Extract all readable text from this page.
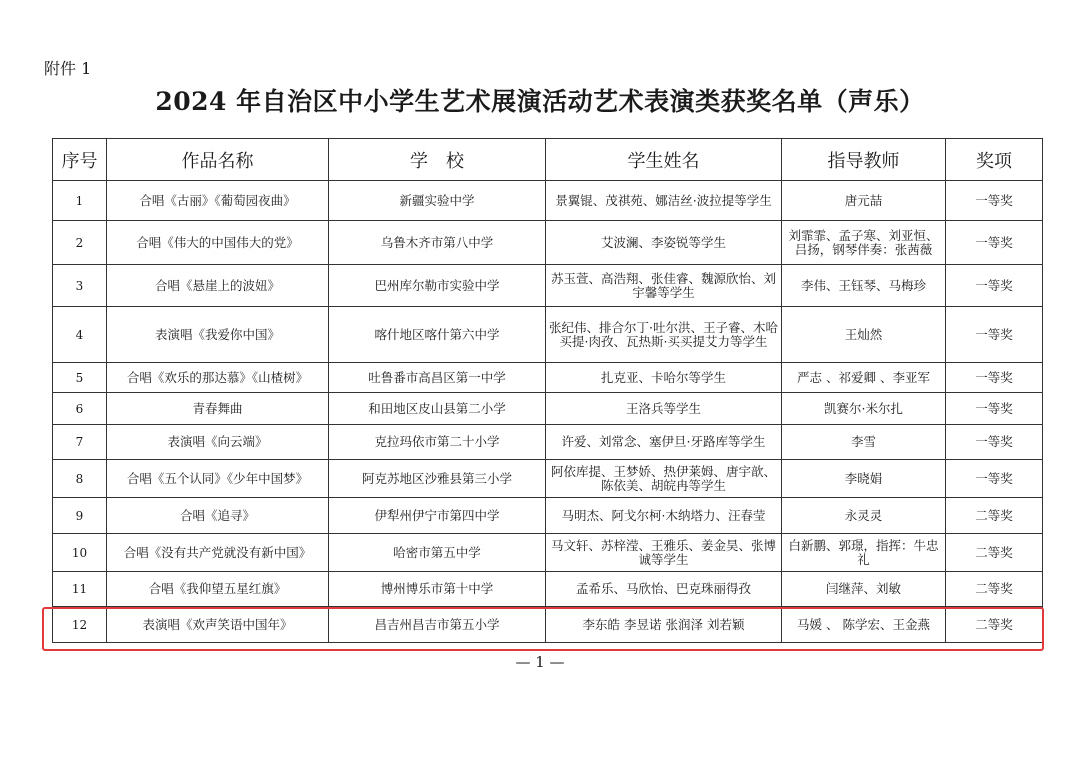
附件 1
2024 年自治区中小学生艺术展演活动艺术表演类获奖名单（声乐）
序号	作品名称	学　校	学生姓名	指导教师	奖项
1	合唱《古丽》《葡萄园夜曲》	新疆实验中学	景翼锟、茂祺苑、娜洁丝·波拉提等学生	唐元喆	一等奖
2	合唱《伟大的中国伟大的党》	乌鲁木齐市第八中学	艾波澜、李姿锐等学生	刘霏霏、孟子寒、刘亚恒、吕扬，钢琴伴奏：张茜薇	一等奖
3	合唱《悬崖上的波妞》	巴州库尔勒市实验中学	苏玉萱、高浩翔、张佳睿、魏源欣怡、刘宇馨等学生	李伟、王钰琴、马梅珍	一等奖
4	表演唱《我爱你中国》	喀什地区喀什第六中学	张纪伟、排合尔丁·吐尔洪、王子睿、木哈买提·肉孜、瓦热斯·买买提艾力等学生	王灿然	一等奖
5	合唱《欢乐的那达慕》《山楂树》	吐鲁番市高昌区第一中学	扎克亚、卡哈尔等学生	严志 、祁爱卿 、李亚军	一等奖
6	青春舞曲	和田地区皮山县第二小学	王洛兵等学生	凯赛尔·米尔扎	一等奖
7	表演唱《向云端》	克拉玛依市第二十小学	许爱、刘常念、塞伊旦·牙路库等学生	李雪	一等奖
8	合唱《五个认同》《少年中国梦》	阿克苏地区沙雅县第三小学	阿依库提、王梦娇、热伊莱姆、唐宇歆、陈依美、胡皖冉等学生	李晓娟	一等奖
9	合唱《追寻》	伊犁州伊宁市第四中学	马明杰、阿戈尔柯·木纳塔力、汪春莹	永灵灵	二等奖
10	合唱《没有共产党就没有新中国》	哈密市第五中学	马文轩、苏梓滢、王雅乐、姜金昊、张博诚等学生	白新鹏、郭璟，指挥：牛忠礼	二等奖
11	合唱《我仰望五星红旗》	博州博乐市第十中学	孟希乐、马欣怡、巴克珠丽得孜	闫继萍、刘敏	二等奖
12	表演唱《欢声笑语中国年》	昌吉州昌吉市第五小学	李东皓 李昱诺 张润泽 刘若颖	马媛 、 陈学宏、王金燕	二等奖
— 1 —
